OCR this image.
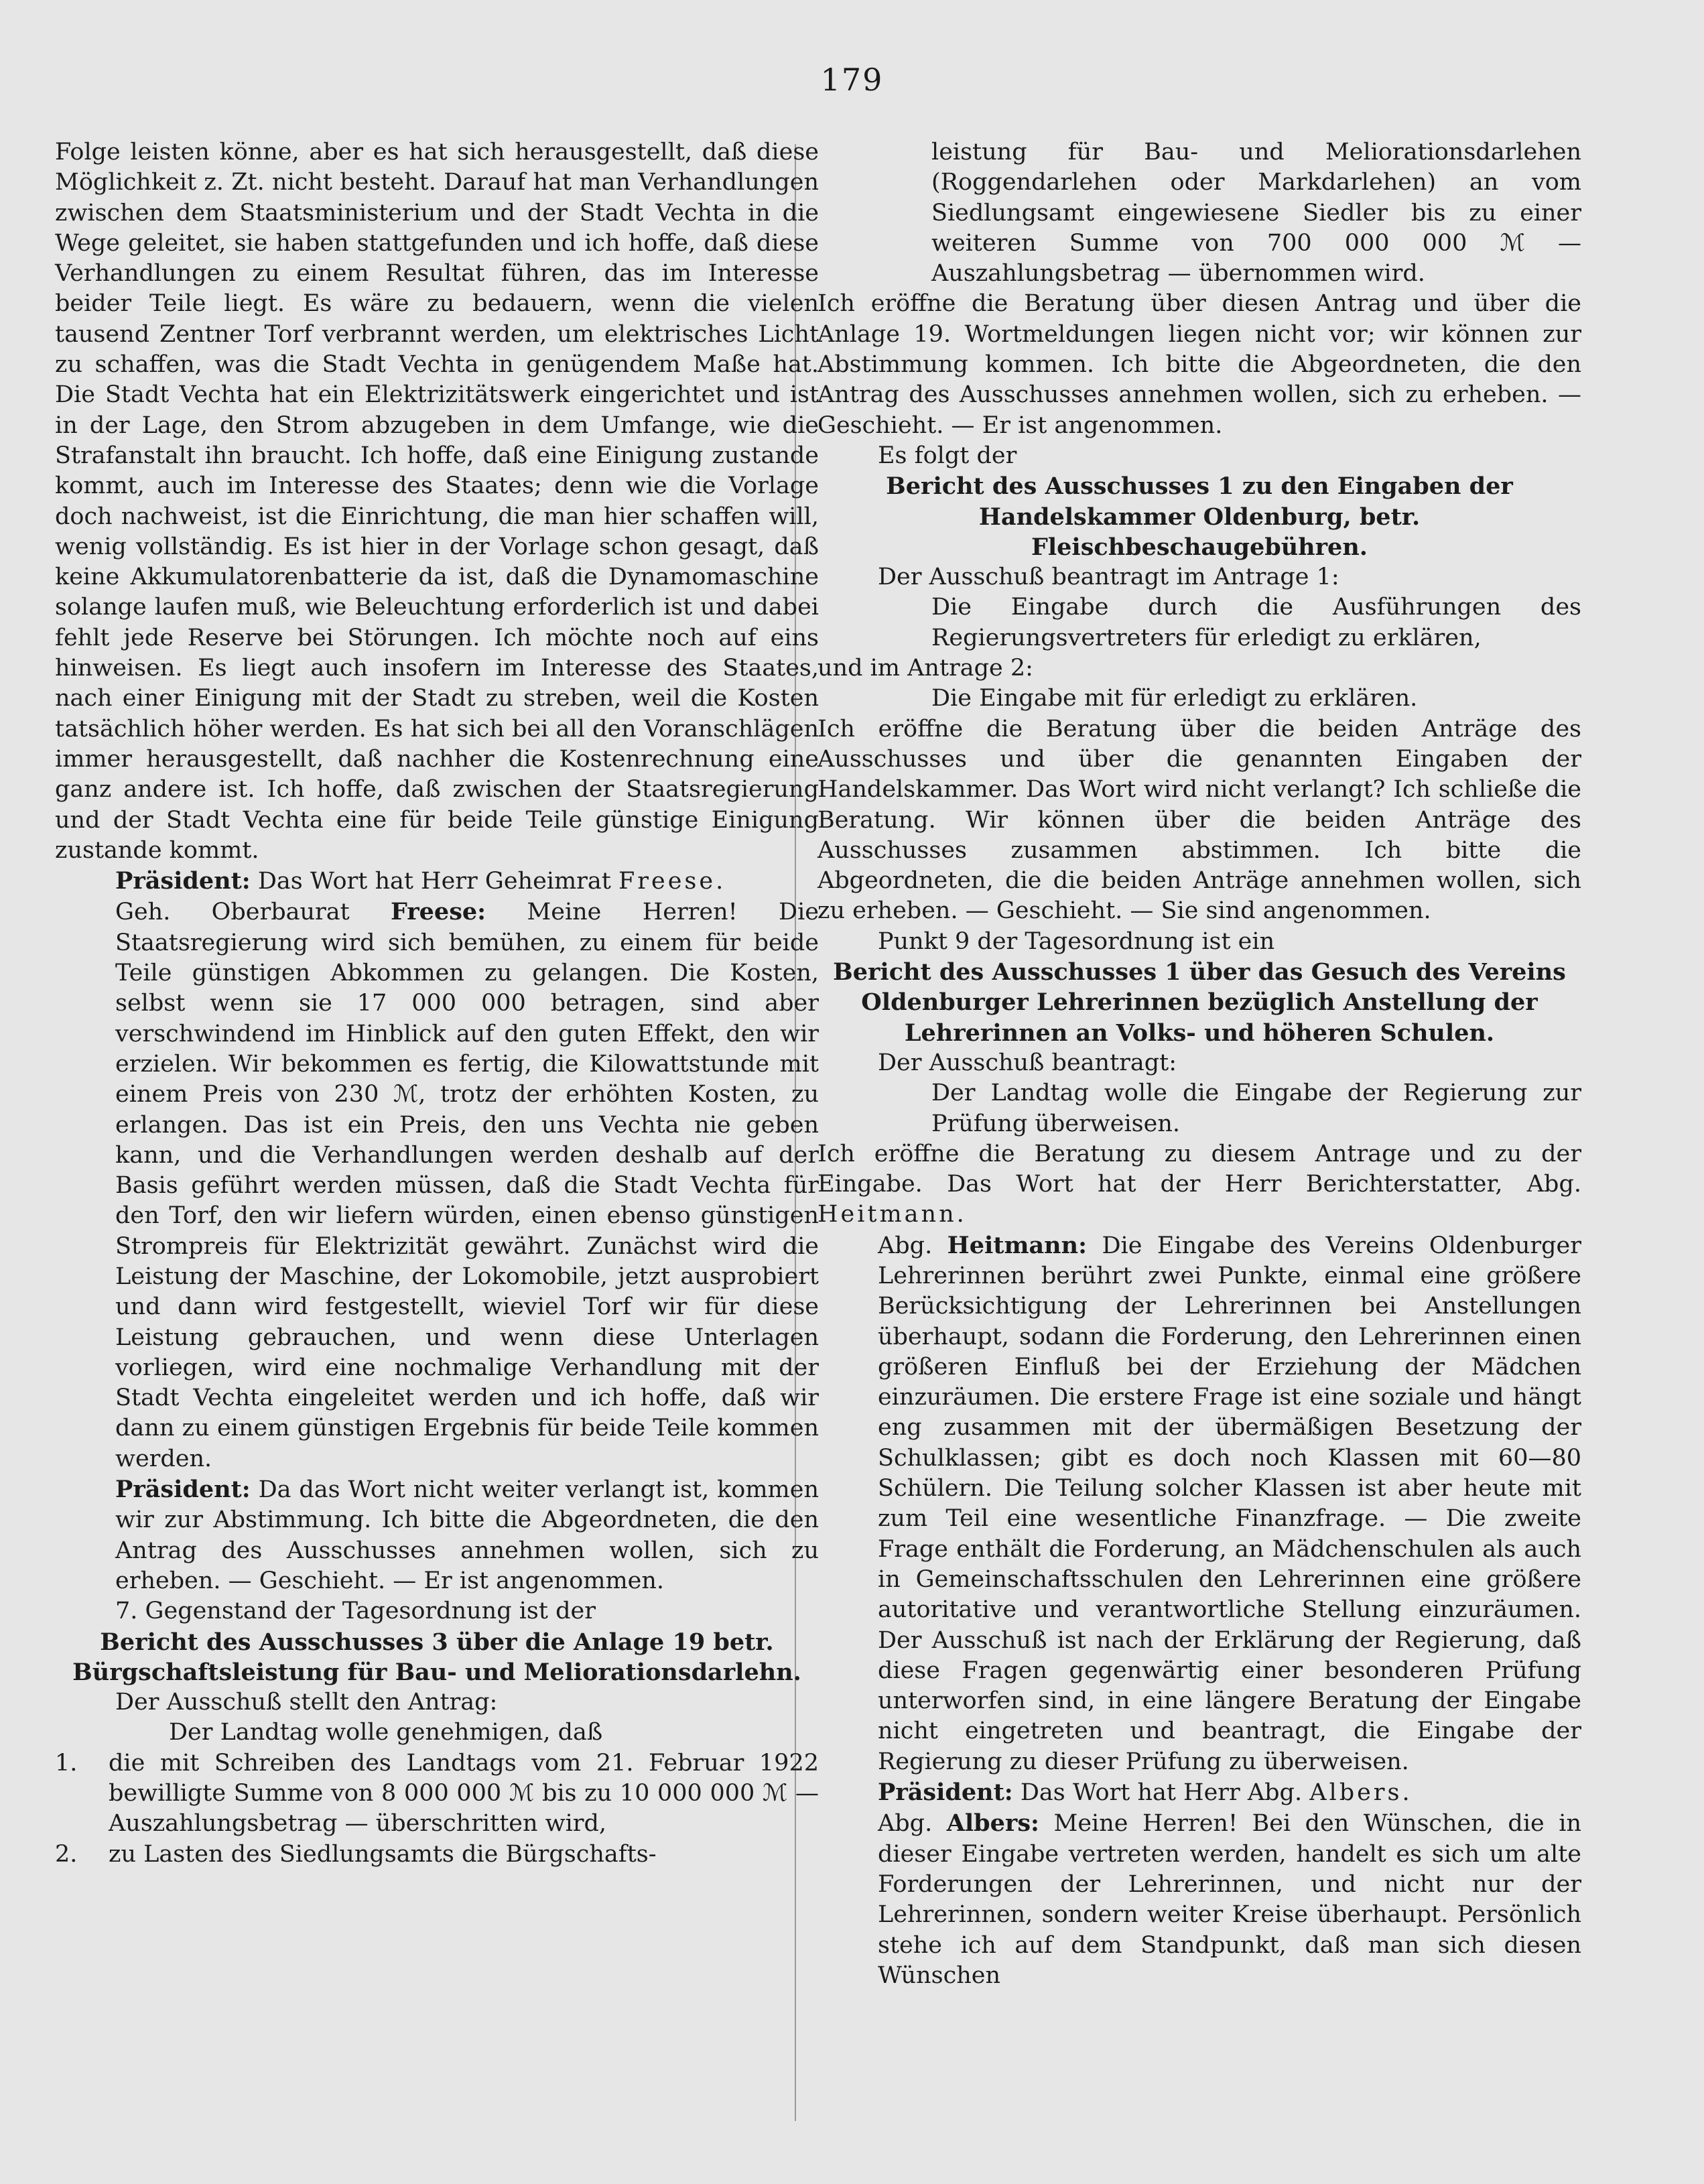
179

Folge leisten könne, aber es hat sich herausgestellt, daß diese Möglichkeit z. Zt. nicht besteht. Darauf hat man Verhandlungen zwischen dem Staatsministerium und der Stadt Vechta in die Wege geleitet, sie haben stattgefunden und ich hoffe, daß diese Verhandlungen zu einem Resultat führen, das im Interesse beider Teile liegt. Es wäre zu bedauern, wenn die vielen tausend Zentner Torf verbrannt werden, um elektrisches Licht zu schaffen, was die Stadt Vechta in genügendem Maße hat. Die Stadt Vechta hat ein Elektrizitätswerk eingerichtet und ist in der Lage, den Strom abzugeben in dem Umfange, wie die Strafanstalt ihn braucht. Ich hoffe, daß eine Einigung zustande kommt, auch im Interesse des Staates; denn wie die Vorlage doch nachweist, ist die Einrichtung, die man hier schaffen will, wenig vollständig. Es ist hier in der Vorlage schon gesagt, daß keine Akkumulatorenbatterie da ist, daß die Dynamomaschine solange laufen muß, wie Beleuchtung erforderlich ist und dabei fehlt jede Reserve bei Störungen. Ich möchte noch auf eins hinweisen. Es liegt auch insofern im Interesse des Staates, nach einer Einigung mit der Stadt zu streben, weil die Kosten tatsächlich höher werden. Es hat sich bei all den Voranschlägen immer herausgestellt, daß nachher die Kostenrechnung eine ganz andere ist. Ich hoffe, daß zwischen der Staatsregierung und der Stadt Vechta eine für beide Teile günstige Einigung zustande kommt.

Präsident: Das Wort hat Herr Geheimrat Freese.

Geh. Oberbaurat Freese: Meine Herren! Die Staatsregierung wird sich bemühen, zu einem für beide Teile günstigen Abkommen zu gelangen. Die Kosten, selbst wenn sie 17 000 000 betragen, sind aber verschwindend im Hinblick auf den guten Effekt, den wir erzielen. Wir bekommen es fertig, die Kilowattstunde mit einem Preis von 230 ℳ, trotz der erhöhten Kosten, zu erlangen. Das ist ein Preis, den uns Vechta nie geben kann, und die Verhandlungen werden deshalb auf der Basis geführt werden müssen, daß die Stadt Vechta für den Torf, den wir liefern würden, einen ebenso günstigen Strompreis für Elektrizität gewährt. Zunächst wird die Leistung der Maschine, der Lokomobile, jetzt ausprobiert und dann wird festgestellt, wieviel Torf wir für diese Leistung gebrauchen, und wenn diese Unterlagen vorliegen, wird eine nochmalige Verhandlung mit der Stadt Vechta eingeleitet werden und ich hoffe, daß wir dann zu einem günstigen Ergebnis für beide Teile kommen werden.

Präsident: Da das Wort nicht weiter verlangt ist, kommen wir zur Abstimmung. Ich bitte die Abgeordneten, die den Antrag des Ausschusses annehmen wollen, sich zu erheben. — Geschieht. — Er ist angenommen.

7. Gegenstand der Tagesordnung ist der

Bericht des Ausschusses 3 über die Anlage 19 betr. Bürgschaftsleistung für Bau- und Meliorationsdarlehn.

Der Ausschuß stellt den Antrag:

Der Landtag wolle genehmigen, daß

1. die mit Schreiben des Landtags vom 21. Februar 1922 bewilligte Summe von 8 000 000 ℳ bis zu 10 000 000 ℳ — Auszahlungsbetrag — überschritten wird,

2. zu Lasten des Siedlungsamts die Bürgschafts-

leistung für Bau- und Meliorationsdarlehen (Roggendarlehen oder Markdarlehen) an vom Siedlungsamt eingewiesene Siedler bis zu einer weiteren Summe von 700 000 000 ℳ — Auszahlungsbetrag — übernommen wird.

Ich eröffne die Beratung über diesen Antrag und über die Anlage 19. Wortmeldungen liegen nicht vor; wir können zur Abstimmung kommen. Ich bitte die Abgeordneten, die den Antrag des Ausschusses annehmen wollen, sich zu erheben. — Geschieht. — Er ist angenommen.

Es folgt der

Bericht des Ausschusses 1 zu den Eingaben der Handelskammer Oldenburg, betr. Fleischbeschaugebühren.

Der Ausschuß beantragt im Antrage 1:

Die Eingabe durch die Ausführungen des Regierungsvertreters für erledigt zu erklären,

und im Antrage 2:

Die Eingabe mit für erledigt zu erklären.

Ich eröffne die Beratung über die beiden Anträge des Ausschusses und über die genannten Eingaben der Handelskammer. Das Wort wird nicht verlangt? Ich schließe die Beratung. Wir können über die beiden Anträge des Ausschusses zusammen abstimmen. Ich bitte die Abgeordneten, die die beiden Anträge annehmen wollen, sich zu erheben. — Geschieht. — Sie sind angenommen.

Punkt 9 der Tagesordnung ist ein

Bericht des Ausschusses 1 über das Gesuch des Vereins Oldenburger Lehrerinnen bezüglich Anstellung der Lehrerinnen an Volks- und höheren Schulen.

Der Ausschuß beantragt:

Der Landtag wolle die Eingabe der Regierung zur Prüfung überweisen.

Ich eröffne die Beratung zu diesem Antrage und zu der Eingabe. Das Wort hat der Herr Berichterstatter, Abg. Heitmann.

Abg. Heitmann: Die Eingabe des Vereins Oldenburger Lehrerinnen berührt zwei Punkte, einmal eine größere Berücksichtigung der Lehrerinnen bei Anstellungen überhaupt, sodann die Forderung, den Lehrerinnen einen größeren Einfluß bei der Erziehung der Mädchen einzuräumen. Die erstere Frage ist eine soziale und hängt eng zusammen mit der übermäßigen Besetzung der Schulklassen; gibt es doch noch Klassen mit 60—80 Schülern. Die Teilung solcher Klassen ist aber heute mit zum Teil eine wesentliche Finanzfrage. — Die zweite Frage enthält die Forderung, an Mädchenschulen als auch in Gemeinschaftsschulen den Lehrerinnen eine größere autoritative und verantwortliche Stellung einzuräumen. Der Ausschuß ist nach der Erklärung der Regierung, daß diese Fragen gegenwärtig einer besonderen Prüfung unterworfen sind, in eine längere Beratung der Eingabe nicht eingetreten und beantragt, die Eingabe der Regierung zu dieser Prüfung zu überweisen.

Präsident: Das Wort hat Herr Abg. Albers.

Abg. Albers: Meine Herren! Bei den Wünschen, die in dieser Eingabe vertreten werden, handelt es sich um alte Forderungen der Lehrerinnen, und nicht nur der Lehrerinnen, sondern weiter Kreise überhaupt. Persönlich stehe ich auf dem Standpunkt, daß man sich diesen Wünschen
